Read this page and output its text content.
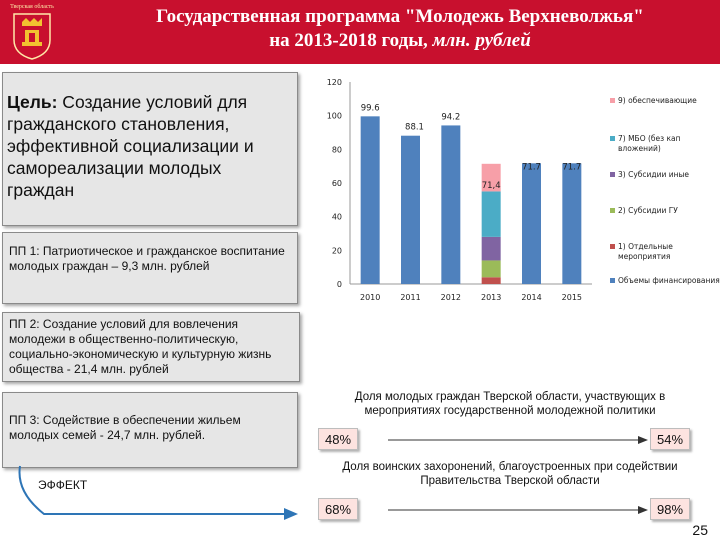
Тверская область	Государственная программа "Молодежь Верхневолжья"
на 2013-2018 годы, млн. рублей
Цель: Создание условий для гражданского становления, эффективной социализации и самореализации молодых граждан
ПП 1: Патриотическое и гражданское воспитание молодых граждан – 9,3 млн. рублей
ПП 2: Создание условий для вовлечения молодежи в общественно-политическую, социально-экономическую и культурную жизнь общества - 21,4 млн. рублей
ПП 3: Содействие в обеспечении жильем молодых семей - 24,7 млн. рублей.
ЭФФЕКТ
0
20
40
60
80
100
120
99.6
2010
88.1
2011
94.2
2012
71,4
2013
71.7
2014
71.7
2015
9) обеспечивающие
7) МБО (без кап
вложений)
3) Субсидии иные
2) Субсидии ГУ
1) Отдельные
мероприятия
Объемы финансирования
Доля молодых граждан Тверской области, участвующих в мероприятиях государственной молодежной политики
48%	54%
Доля воинских захоронений, благоустроенных при содействии Правительства Тверской области
68%	98%
25
